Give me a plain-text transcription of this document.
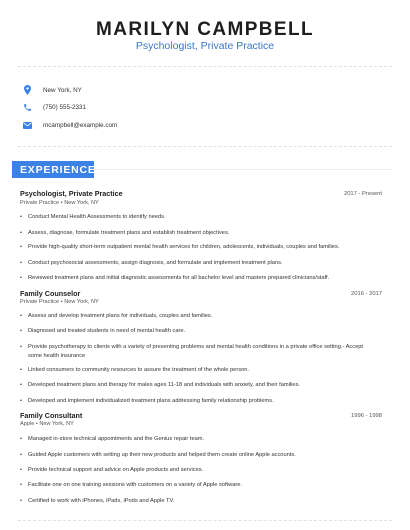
MARILYN CAMPBELL
Psychologist, Private Practice
New York, NY
(750) 555-2331
mcampbell@example.com
EXPERIENCE
Psychologist, Private Practice	2017 - Present
Private Practice • New York, NY
•	Conduct Mental Health Assessments to identify needs.
•	Assess, diagnose, formulate treatment plans and establish treatment objectives.
•	Provide high-quality short-term outpatient mental health services for children, adolescents, individuals, couples and families.
•	Conduct psychosocial assessments, assign diagnosis, and formulate and implement treatment plans.
•	Reviewed treatment plans and initial diagnostic assessments for all bachelor level and masters prepared clinicians/staff.
Family Counselor	2016 - 2017
Private Practice • New York, NY
•	Assess and develop treatment plans for individuals, couples and families.
•	Diagnosed and treated students in need of mental health care.
•	Provide psychotherapy to clients with a variety of presenting problems and mental health conditions in a private office setting.- Accept some health insurance
•	Linked consumers to community resources to assure the treatment of the whole person.
•	Developed treatment plans and therapy for males ages 11-18 and individuals with anxiety, and their families.
•	Developed and implement individualized treatment plans addressing family relationship problems.
Family Consultant	1996 - 1998
Apple • New York, NY
•	Managed in-store technical appointments and the Genius repair team.
•	Guided Apple customers with setting up their new products and helped them create online Apple accounts.
•	Provide technical support and advice on Apple products and services.
•	Facilitate one on one training sessions with customers on a variety of Apple software.
•	Certified to work with iPhones, iPads, iPods and Apple TV.
